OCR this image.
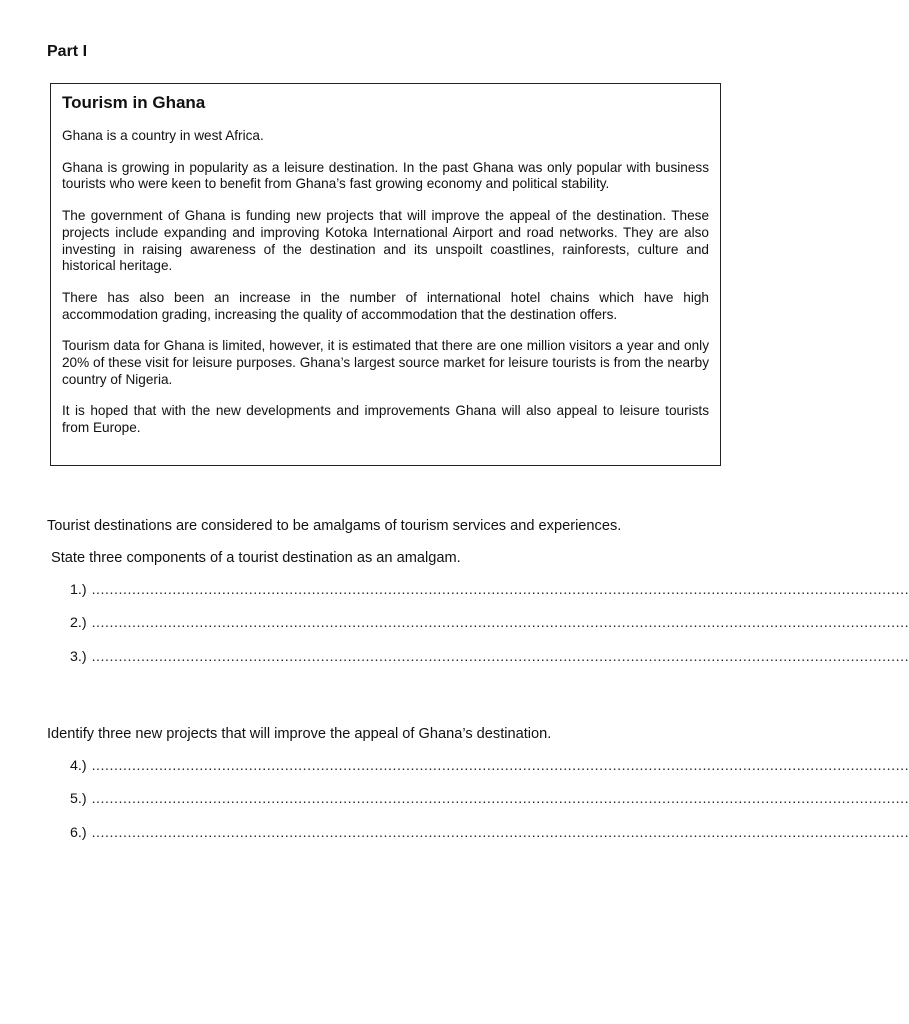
Part I
Tourism in Ghana

Ghana is a country in west Africa.

Ghana is growing in popularity as a leisure destination. In the past Ghana was only popular with business tourists who were keen to benefit from Ghana’s fast growing economy and political stability.

The government of Ghana is funding new projects that will improve the appeal of the destination. These projects include expanding and improving Kotoka International Airport and road networks. They are also investing in raising awareness of the destination and its unspoilt coastlines, rainforests, culture and historical heritage.

There has also been an increase in the number of international hotel chains which have high accommodation grading, increasing the quality of accommodation that the destination offers.

Tourism data for Ghana is limited, however, it is estimated that there are one million visitors a year and only 20% of these visit for leisure purposes. Ghana’s largest source market for leisure tourists is from the nearby country of Nigeria.

It is hoped that with the new developments and improvements Ghana will also appeal to leisure tourists from Europe.

Tourist destinations are considered to be amalgams of tourism services and experiences.

State three components of a tourist destination as an amalgam.

1.) ......................................................................................................................................................................................
2.) ......................................................................................................................................................................................
3.) ......................................................................................................................................................................................

Identify three new projects that will improve the appeal of Ghana’s destination.

4.) ......................................................................................................................................................................................
5.) ......................................................................................................................................................................................
6.) ......................................................................................................................................................................................
